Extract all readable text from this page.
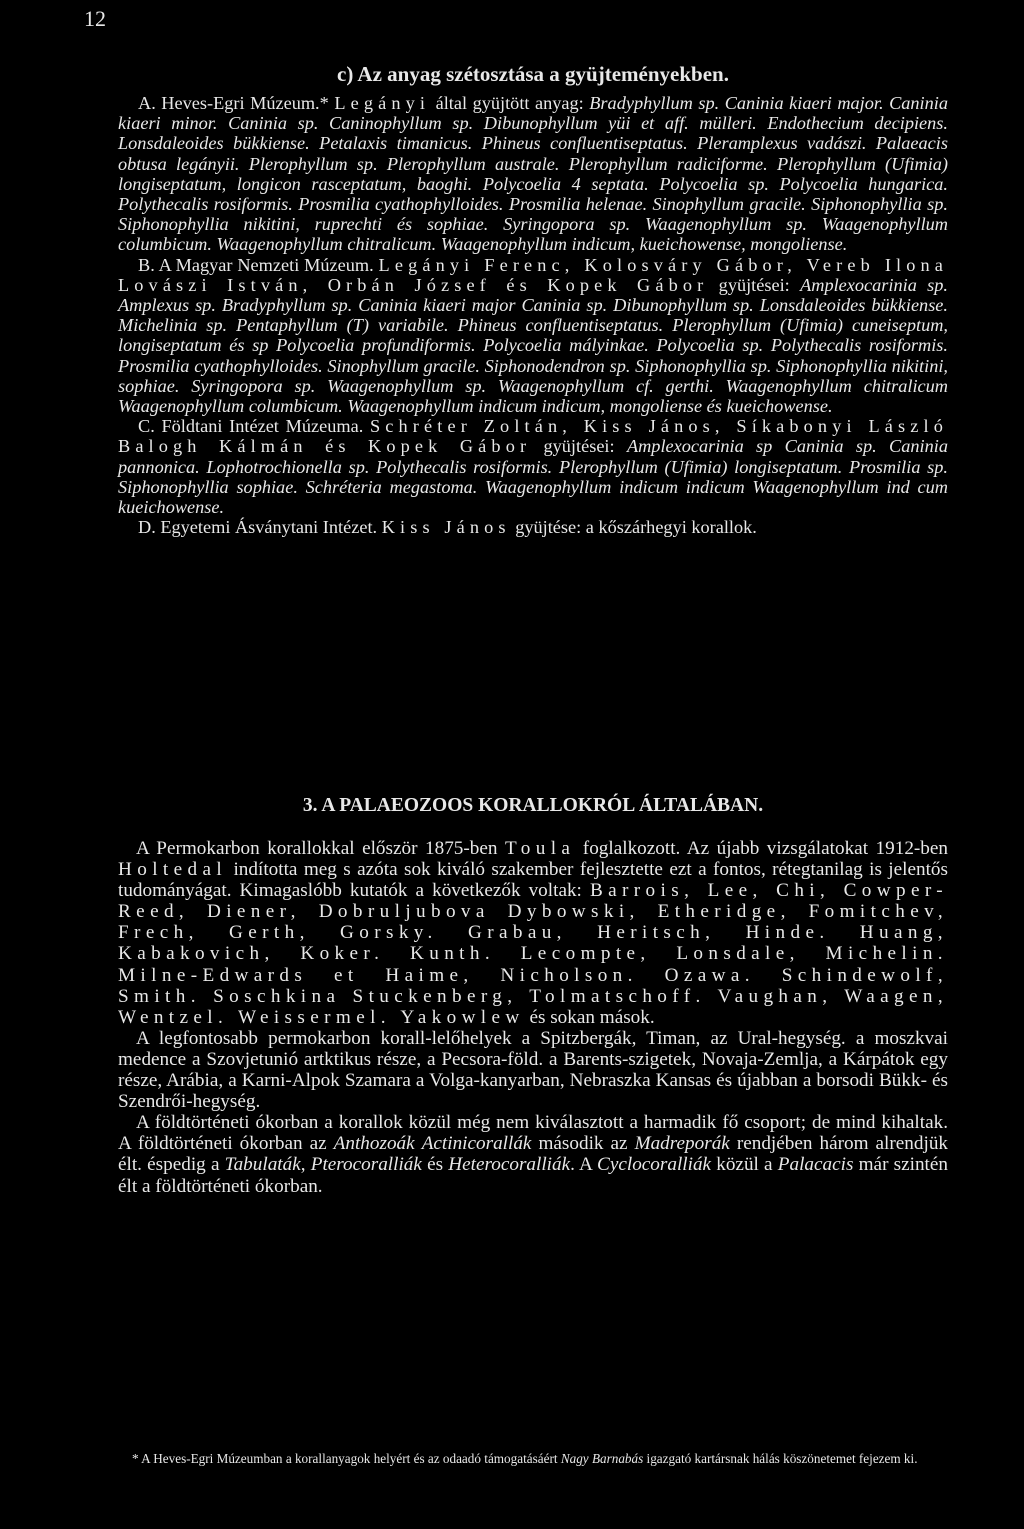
12
c) Az anyag szétosztása a gyüjteményekben.

A. Heves-Egri Múzeum.* Legányi által gyüjtött anyag: Bradyphyllum sp. Caninia kiaeri major. Caninia kiaeri minor. Caninia sp. Caninophyllum sp. Dibunophyllum yüi et aff. mülleri. Endothecium decipiens. Lonsdaleoides bükkiense. Petalaxis timanicus. Phineus confluentiseptatus. Pleramplexus vadászi. Palaeacis obtusa legányii. Plerophyllum sp. Plerophyllum australe. Plerophyllum radiciforme. Plerophyllum (Ufimia) longiseptatum, longicon rasceptatum, baoghi. Polycoelia 4 septata. Polycoelia sp. Polycoelia hungarica. Polythecalis rosiformis. Prosmilia cyathophylloides. Prosmilia helenae. Sinophyllum gracile. Siphonophyllia sp. Siphonophyllia nikitini, ruprechti és sophiae. Syringopora sp. Waagenophyllum sp. Waagenophyllum columbicum. Waagenophyllum chitralicum. Waagenophyllum indicum, kueichowense, mongoliense.

B. A Magyar Nemzeti Múzeum. Legányi Ferenc, Kolosváry Gábor, Vereb Ilona Lovászi István, Orbán József és Kopek Gábor gyüjtései: Amplexocarinia sp. Amplexus sp. Bradyphyllum sp. Caninia kiaeri major Caninia sp. Dibunophyllum sp. Lonsdaleoides bükkiense. Michelinia sp. Pentaphyllum (T) variabile. Phineus confluentiseptatus. Plerophyllum (Ufimia) cuneiseptum, longiseptatum és sp Polycoelia profundiformis. Polycoelia mályinkae. Polycoelia sp. Polythecalis rosiformis. Prosmilia cyathophylloides. Sinophyllum gracile. Siphonodendron sp. Siphonophyllia sp. Siphonophyllia nikitini, sophiae. Syringopora sp. Waagenophyllum sp. Waagenophyllum cf. gerthi. Waagenophyllum chitralicum Waagenophyllum columbicum. Waagenophyllum indicum indicum, mongoliense és kueichowense.

C. Földtani Intézet Múzeuma. Schréter Zoltán, Kiss János, Síkabonyi László Balogh Kálmán és Kopek Gábor gyüjtései: Amplexocarinia sp Caninia sp. Caninia pannonica. Lophotrochionella sp. Polythecalis rosiformis. Plerophyllum (Ufimia) longiseptatum. Prosmilia sp. Siphonophyllia sophiae. Schréteria megastoma. Waagenophyllum indicum indicum Waagenophyllum ind cum kueichowense.

D. Egyetemi Ásványtani Intézet. Kiss János gyüjtése: a kőszárhegyi korallok.

3. A PALAEOZOOS KORALLOKRÓL ÁLTALÁBAN.

A Permokarbon korallokkal először 1875-ben Toula foglalkozott. Az újabb vizsgálatokat 1912-ben Holtedal indította meg s azóta sok kiváló szakember fejlesztette ezt a fontos, rétegtanilag is jelentős tudományágat. Kimagaslóbb kutatók a következők voltak: Barrois, Lee, Chi, Cowper-Reed, Diener, Dobruljubova Dybowski, Etheridge, Fomitchev, Frech, Gerth, Gorsky. Grabau, Heritsch, Hinde. Huang, Kabakovich, Koker. Kunth. Lecompte, Lonsdale, Michelin. Milne-Edwards et Haime, Nicholson. Ozawa. Schindewolf, Smith. Soschkina Stuckenberg, Tolmatschoff. Vaughan, Waagen, Wentzel. Weissermel. Yakowlew és sokan mások.

A legfontosabb permokarbon korall-lelőhelyek a Spitzbergák, Timan, az Ural-hegység. a moszkvai medence a Szovjetunió artktikus része, a Pecsora-föld. a Barents-szigetek, Novaja-Zemlja, a Kárpátok egy része, Arábia, a Karni-Alpok Szamara a Volga-kanyarban, Nebraszka Kansas és újabban a borsodi Bükk- és Szendrői-hegység.

A földtörténeti ókorban a korallok közül még nem kiválasztott a harmadik fő csoport; de mind kihaltak. A földtörténeti ókorban az Anthozoák Actinicorallák második az Madreporák rendjében három alrendjük élt. éspedig a Tabulaták, Pterocoralliák és Heterocoralliák. A Cyclocoralliák közül a Palacacis már szintén élt a földtörténeti ókorban.

* A Heves-Egri Múzeumban a korallanyagok helyért és az odaadó támogatásáért Nagy Barnabás igazgató kartársnak hálás köszönetemet fejezem ki.
